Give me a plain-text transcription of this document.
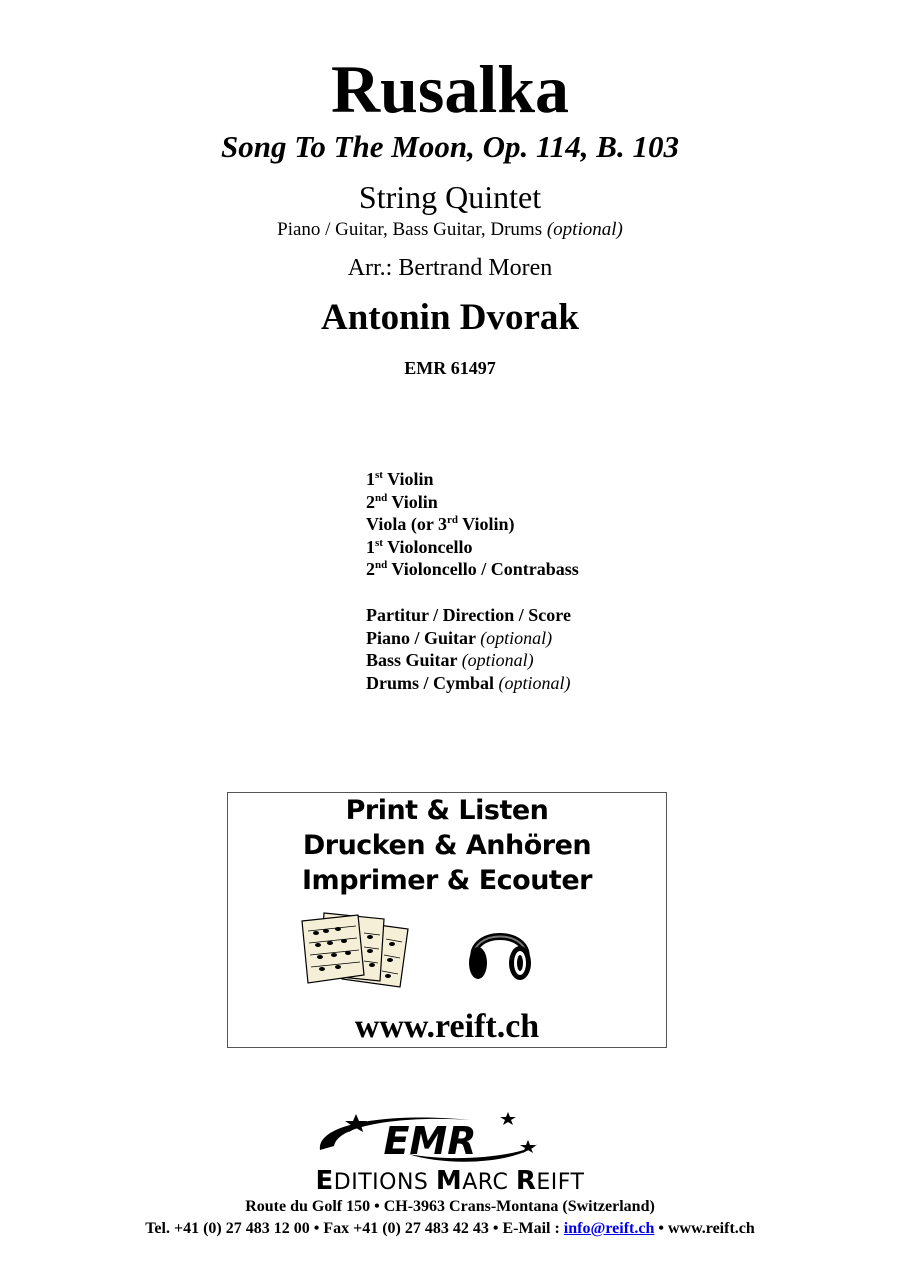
Rusalka
Song To The Moon, Op. 114, B. 103
String Quintet
Piano / Guitar, Bass Guitar, Drums (optional)
Arr.: Bertrand Moren
Antonin Dvorak
EMR 61497
1st Violin
2nd Violin
Viola (or 3rd Violin)
1st Violoncello
2nd Violoncello / Contrabass
Partitur / Direction / Score
Piano / Guitar (optional)
Bass Guitar (optional)
Drums / Cymbal (optional)
Print & Listen
Drucken & Anhören
Imprimer & Ecouter
www.reift.ch
EMR
EDITIONS MARC REIFT
Route du Golf 150 • CH-3963 Crans-Montana (Switzerland)
Tel. +41 (0) 27 483 12 00 • Fax +41 (0) 27 483 42 43 • E-Mail : info@reift.ch • www.reift.ch
